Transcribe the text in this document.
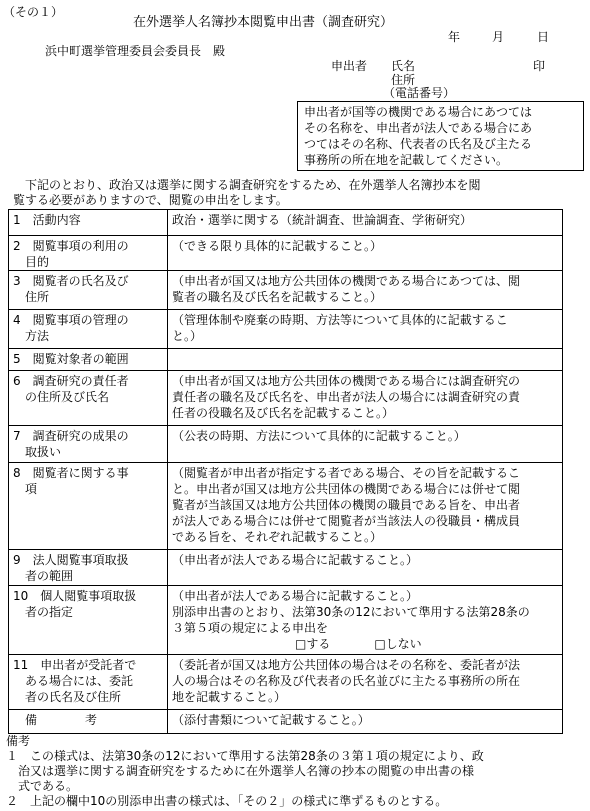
（その１）
在外選挙人名簿抄本閲覧申出書（調査研究）
年	月	日
浜中町選挙管理委員会委員長　殿
申出者 氏名	印
住所
（電話番号）
申出者が国等の機関である場合にあつては
その名称を、申出者が法人である場合にあ
つてはその名称、代表者の氏名及び主たる
事務所の所在地を記載してください。
下記のとおり、政治又は選挙に関する調査研究をするため、在外選挙人名簿抄本を閲
覧する必要がありますので、閲覧の申出をします。
1　活動内容	政治・選挙に関する（統計調査、世論調査、学術研究）

2　閲覧事項の利用の
　目的	（できる限り具体的に記載すること。）

3　閲覧者の氏名及び
　住所	（申出者が国又は地方公共団体の機関である場合にあつては、閲
覧者の職名及び氏名を記載すること。）

4　閲覧事項の管理の
　方法	（管理体制や廃棄の時期、方法等について具体的に記載するこ
と。）

5　閲覧対象者の範囲	

6　調査研究の責任者
　の住所及び氏名	（申出者が国又は地方公共団体の機関である場合には調査研究の
責任者の職名及び氏名を、申出者が法人の場合には調査研究の責
任者の役職名及び氏名を記載すること。）

7　調査研究の成果の
　取扱い	（公表の時期、方法について具体的に記載すること。）

8　閲覧者に関する事
　項	（閲覧者が申出者が指定する者である場合、その旨を記載するこ
と。申出者が国又は地方公共団体の機関である場合には併せて閲
覧者が当該国又は地方公共団体の機関の職員である旨を、申出者
が法人である場合には併せて閲覧者が当該法人の役職員・構成員
である旨を、それぞれ記載すること。）

9　法人閲覧事項取扱
　者の範囲	（申出者が法人である場合に記載すること。）

10　個人閲覧事項取扱
　者の指定	（申出者が法人である場合に記載すること。）
別添申出書のとおり、法第30条の12において準用する法第28条の
３第５項の規定による申出を
□する □しない

11　申出者が受託者で
　ある場合には、委託
　者の氏名及び住所	（委託者が国又は地方公共団体の場合はその名称を、委託者が法
人の場合はその名称及び代表者の氏名並びに主たる事務所の所在
地を記載すること。）

　備　　　　考	（添付書類について記載すること。）
備考
１　この様式は、法第30条の12において準用する法第28条の３第１項の規定により、政
　治又は選挙に関する調査研究をするために在外選挙人名簿の抄本の閲覧の申出書の様
　式である。
２　上記の欄中10の別添申出書の様式は、「その２」の様式に準ずるものとする。
